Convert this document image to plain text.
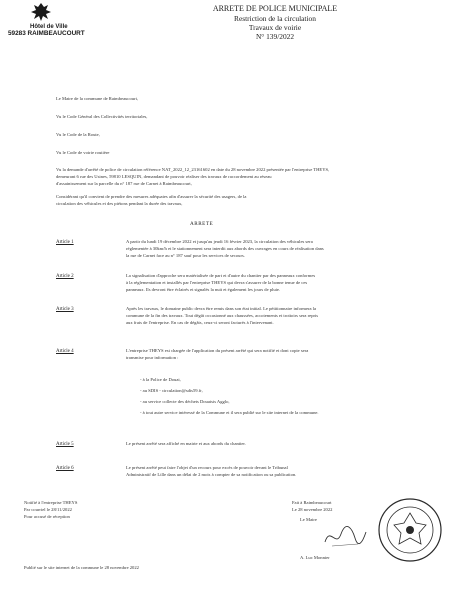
Hôtel de Ville
59283 RAIMBEAUCOURT
ARRETE DE POLICE MUNICIPALE
Restriction de la circulation
Travaux de voirie
N° 139/2022
Le Maire de la commune de Raimbeaucourt,
Vu le Code Général des Collectivités territoriales,
Vu le Code de la Route,
Vu le Code de voirie routière
Vu la demande d'arrêté de police de circulation référence NAT_2022_12_23161602 en date du 28 novembre 2022 présentée par l'entreprise THEYS,
demeurant 6 rue des Usines, 59810 LESQUIN, demandant de pouvoir réaliser des travaux de raccordement au réseau
d'assainissement sur la parcelle du n° 187 rue de Carnet à Raimbeaucourt,
Considérant qu'il convient de prendre des mesures adéquates afin d'assurer la sécurité des usagers, de la
circulation des véhicules et des piétons pendant la durée des travaux,
ARRETE
Article 1	A partir du lundi 19 décembre 2022 et jusqu'au jeudi 16 février 2023, la circulation des véhicules sera
réglementée à 30km/h et le stationnement sera interdit aux abords des ouvrages en cours de réalisation dans
la rue de Carnet face au n° 187 sauf pour les services de secours.
Article 2	La signalisation d'approche sera matérialisée de part et d'autre du chantier par des panneaux conformes
à la réglementation et installés par l'entreprise THEYS qui devra s'assurer de la bonne tenue de ces
panneaux. Ils devront être éclairés et signalés la nuit et également les jours de pluie.
Article 3	Après les travaux, le domaine public devra être remis dans son état initial. Le pétitionnaire informera la
commune de la fin des travaux. Tout dégât occasionné aux chaussées, accotements et trottoirs sera repris
aux frais de l'entreprise. En cas de dégâts, ceux-ci seront facturés à l'intervenant.
Article 4	L'entreprise THEYS est chargée de l'application du présent arrêté qui sera notifié et dont copie sera
transmise pour information :
- à la Police de Douai,
- au SDIS - circulation@sdis59.fr,
- au service collecte des déchets Douaisis Agglo,
- à tout autre service intéressé de la Commune et il sera publié sur le site internet de la commune.
Article 5	Le présent arrêté sera affiché en mairie et aux abords du chantier.
Article 6	Le présent arrêté peut faire l'objet d'un recours pour excès de pouvoir devant le Tribunal
Administratif de Lille dans un délai de 2 mois à compter de sa notification ou sa publication.
Notifié à l'entreprise THEYS
Par courriel le 28/11/2022
Pour accusé de réception
Fait à Raimbeaucourt
Le 28 novembre 2022
Le Maire
A. Luc Monnier
Publié sur le site internet de la commune le 28 novembre 2022
